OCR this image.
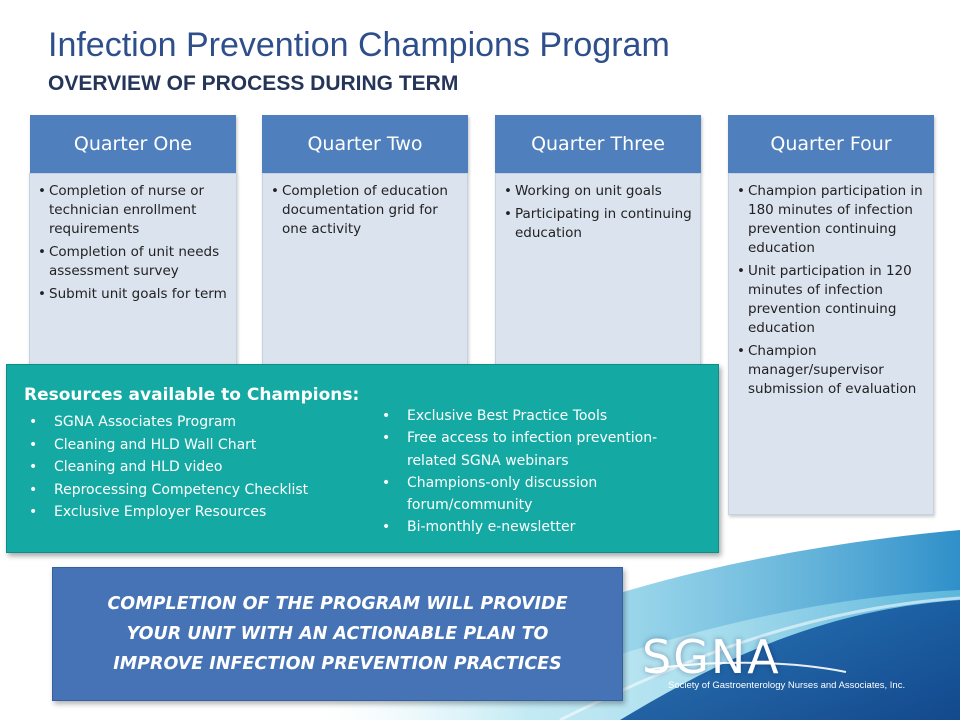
Infection Prevention Champions Program
OVERVIEW OF PROCESS DURING TERM
Quarter One
• Completion of nurse or technician enrollment requirements
• Completion of unit needs assessment survey
• Submit unit goals for term
Quarter Two
• Completion of education documentation grid for one activity
Quarter Three
• Working on unit goals
• Participating in continuing education
Quarter Four
• Champion participation in 180 minutes of infection prevention continuing education
• Unit participation in 120 minutes of infection prevention continuing education
• Champion manager/supervisor submission of evaluation
Resources available to Champions:
• SGNA Associates Program
• Cleaning and HLD Wall Chart
• Cleaning and HLD video
• Reprocessing Competency Checklist
• Exclusive Employer Resources
• Exclusive Best Practice Tools
• Free access to infection prevention-related SGNA webinars
• Champions-only discussion forum/community
• Bi-monthly e-newsletter
COMPLETION OF THE PROGRAM WILL PROVIDE
YOUR UNIT WITH AN ACTIONABLE PLAN TO
IMPROVE INFECTION PREVENTION PRACTICES SGNA
Society of Gastroenterology Nurses and Associates, Inc.
